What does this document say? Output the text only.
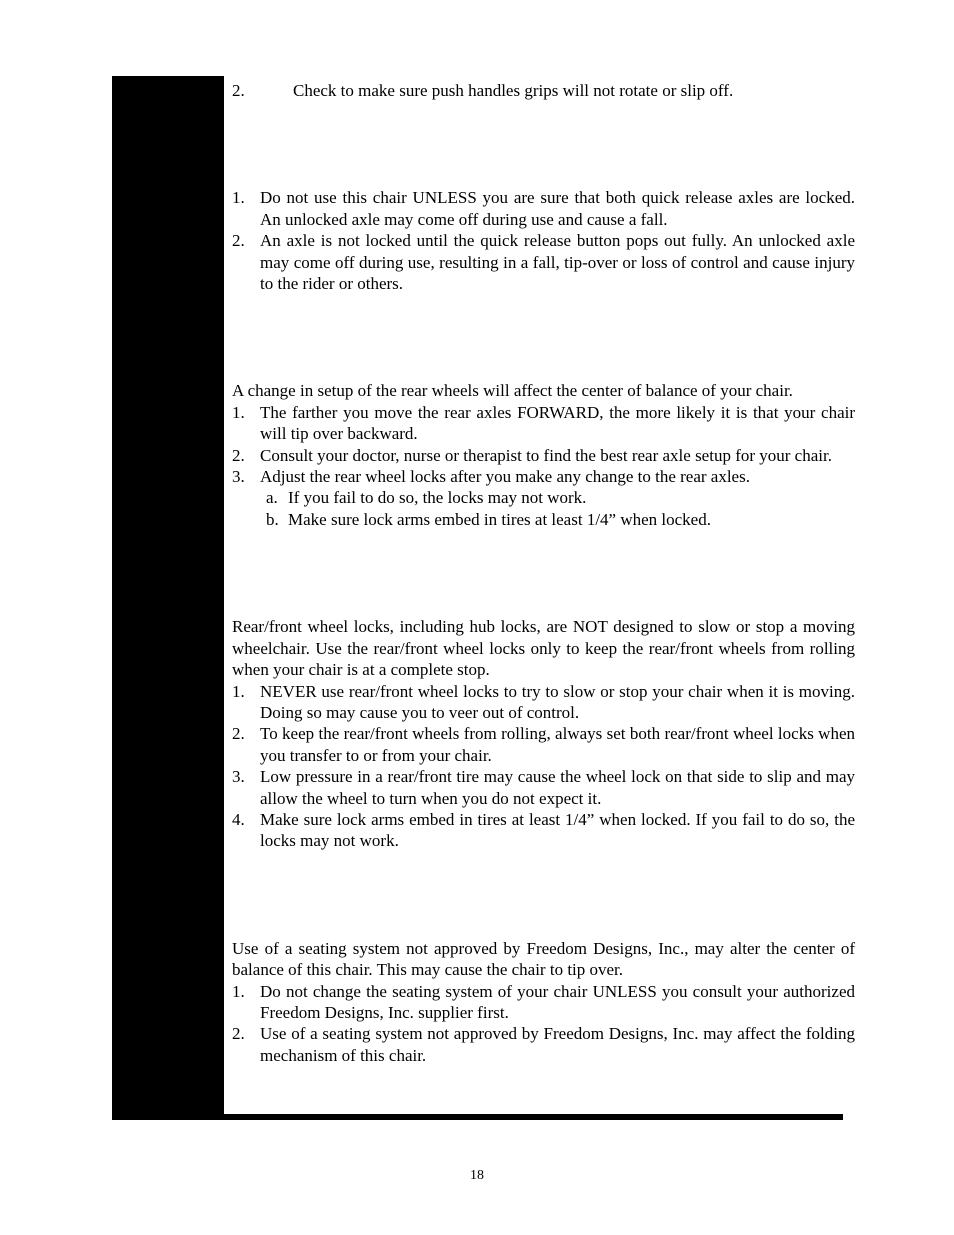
2.	Check to make sure push handles grips will not rotate or slip off.
1. Do not use this chair UNLESS you are sure that both quick release axles are locked. An unlocked axle may come off during use and cause a fall.
2. An axle is not locked until the quick release button pops out fully. An unlocked axle may come off during use, resulting in a fall, tip-over or loss of control and cause injury to the rider or others.

A change in setup of the rear wheels will affect the center of balance of your chair.

1. The farther you move the rear axles FORWARD, the more likely it is that your chair will tip over backward.
2. Consult your doctor, nurse or therapist to find the best rear axle setup for your chair.
3. Adjust the rear wheel locks after you make any change to the rear axles.
a. If you fail to do so, the locks may not work.
b. Make sure lock arms embed in tires at least 1/4” when locked.

Rear/front wheel locks, including hub locks, are NOT designed to slow or stop a moving wheelchair. Use the rear/front wheel locks only to keep the rear/front wheels from rolling when your chair is at a complete stop.

1. NEVER use rear/front wheel locks to try to slow or stop your chair when it is moving. Doing so may cause you to veer out of control.
2. To keep the rear/front wheels from rolling, always set both rear/front wheel locks when you transfer to or from your chair.
3. Low pressure in a rear/front tire may cause the wheel lock on that side to slip and may allow the wheel to turn when you do not expect it.
4. Make sure lock arms embed in tires at least 1/4” when locked. If you fail to do so, the locks may not work.

Use of a seating system not approved by Freedom Designs, Inc., may alter the center of balance of this chair. This may cause the chair to tip over.

1. Do not change the seating system of your chair UNLESS you consult your authorized Freedom Designs, Inc. supplier first.
2. Use of a seating system not approved by Freedom Designs, Inc. may affect the folding mechanism of this chair.
18
